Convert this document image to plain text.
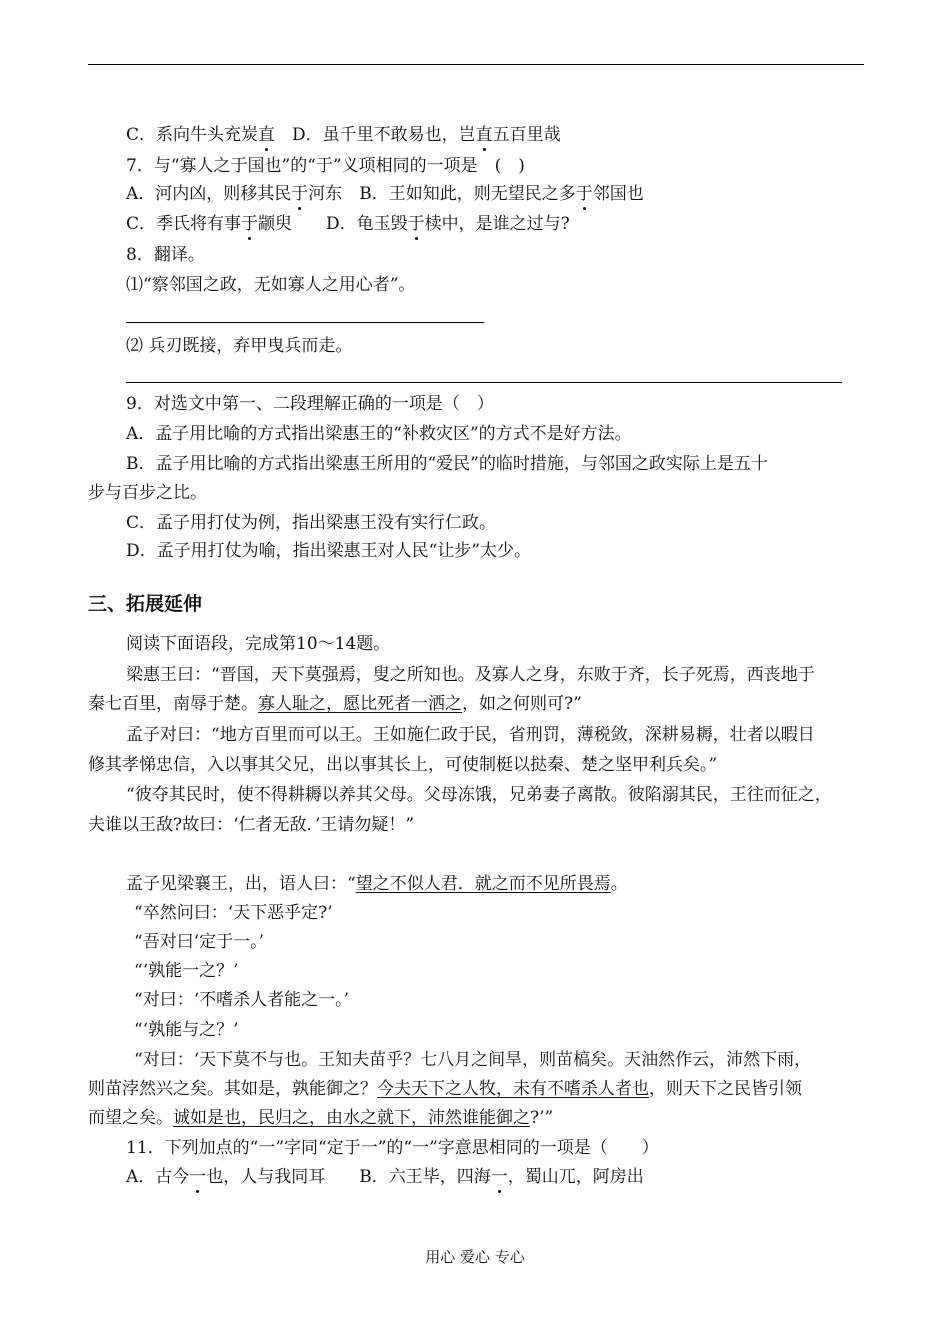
C．系向牛头充炭直　D．虽千里不敢易也，岂直五百里哉
7．与“寡人之于国也”的“于”义项相同的一项是　(　)
A．河内凶，则移其民于河东　B．王如知此，则无望民之多于邻国也
C．季氏将有事于颛臾　　D．龟玉毁于椟中，是谁之过与?
8．翻译。
⑴“察邻国之政，无如寡人之用心者”。
⑵ 兵刃既接，弃甲曳兵而走。
9．对选文中第一、二段理解正确的一项是（　）
A．孟子用比喻的方式指出梁惠王的“补救灾区”的方式不是好方法。
B．孟子用比喻的方式指出梁惠王所用的“爱民”的临时措施，与邻国之政实际上是五十
步与百步之比。
C．孟子用打仗为例，指出梁惠王没有实行仁政。
D．孟子用打仗为喻，指出梁惠王对人民“让步”太少。
三、拓展延伸
阅读下面语段，完成第10～14题。
梁惠王曰：“晋国，天下莫强焉，叟之所知也。及寡人之身，东败于齐，长子死焉，西丧地于
秦七百里，南辱于楚。寡人耻之，愿比死者一洒之，如之何则可?”
孟子对曰：“地方百里而可以王。王如施仁政于民，省刑罚，薄税敛，深耕易耨，壮者以暇日
修其孝悌忠信，入以事其父兄，出以事其长上，可使制梃以挞秦、楚之坚甲利兵矣。”
“彼夺其民时，使不得耕耨以养其父母。父母冻饿，兄弟妻子离散。彼陷溺其民，王往而征之，
夫谁以王敌?故曰：‘仁者无敌．’王请勿疑！”
孟子见梁襄王，出，语人曰：“望之不似人君．就之而不见所畏焉。
“卒然问曰：‘天下恶乎定?’
“吾对曰‘定于一。’
“‘孰能一之？’
“对曰：‘不嗜杀人者能之一。’
“‘孰能与之？’
“对曰：‘天下莫不与也。王知夫苗乎？七八月之间旱，则苗槁矣。天油然作云，沛然下雨，
则苗浡然兴之矣。其如是，孰能御之？今夫天下之人牧，未有不嗜杀人者也，则天下之民皆引领
而望之矣。诚如是也，民归之，由水之就下，沛然谁能御之?’”
11．下列加点的“一”字同“定于一”的“一”字意思相同的一项是（　　）
A．古今一也，人与我同耳　　B．六王毕，四海一，蜀山兀，阿房出
用心 爱心 专心
